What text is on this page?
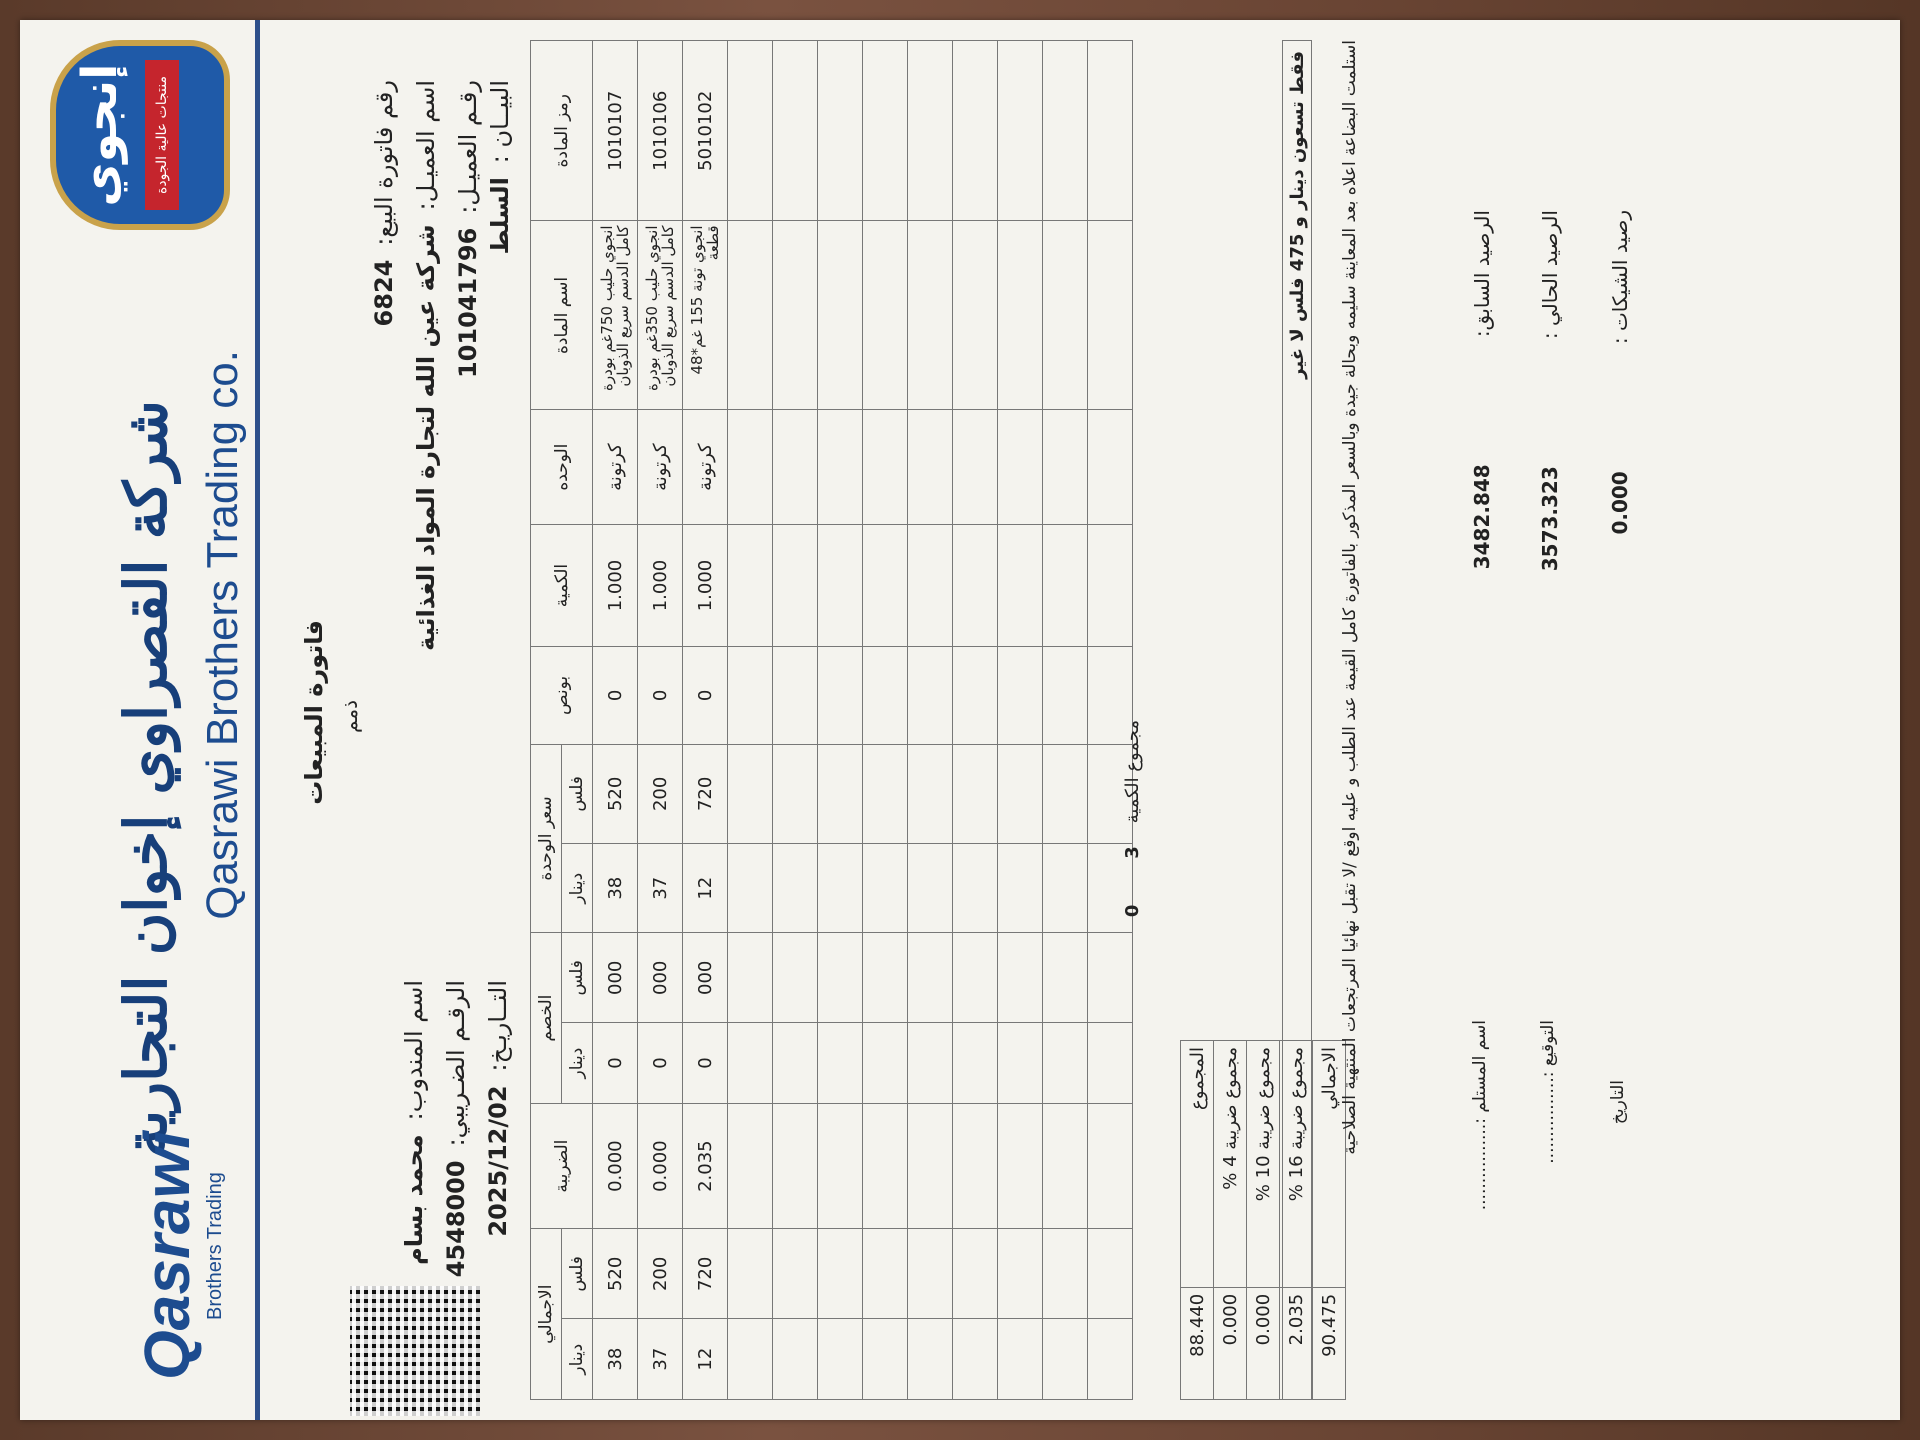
إنجوي	منتجات عالية الجودة
شركة القصراوي إخوان التجارية Qasrawi Brothers Trading co.
Qasrawi Brothers Trading
فاتورة المبيعات ذمم
رقم فاتورة البيع:6824
اسم العميـل:شركة عين الله لتجارة المواد الغذائية
رقـم العميـل:101041796
البيــان :السلط
اسم المندوب:محمد بسام
الرقـم الضـريبي:4548000
التــاريـخ:2025/12/02
رمز المادة	اسم المادة	الوحده	الكمية	بونص	سعر الوحدة		الخصم		الضريبة	الاجمالي	
					فلس	دينار	فلس	دينار		فلس	دينار
1010107	انجوي حليب 750غم بودرة كامل الدسم سريع الذوبان	كرتونة	1.000	0	520	38	000	0	0.000	520	38
1010106	انجوي حليب 350غم بودرة كامل الدسم سريع الذوبان	كرتونة	1.000	0	200	37	000	0	0.000	200	37
5010102	انجوي تونة 155 غم*48 قطعة	كرتونة	1.000	0	720	12	000	0	2.035	720	12

مجموع الكمية    3        0
المجموع	88.440
مجموع ضريبة 4 %	0.000
مجموع ضريبة 10 %	0.000
مجموع ضريبة 16 %	2.035
الاجمالي	90.475
فقط تسعون دينار و 475 فلس لا غير استلمت البضاعة اعلاه بعد المعاينة سليمه وبحالة جيدة وبالسعر المذكور بالفاتورة كامل القيمة عند الطلب و عليه اوقع /لا تقبل نهائيا المرتجعات المنتهية الصلاحية	الرصيد السابق:                    3482.848
الرصيد الحالي :                    3573.323
رصيد الشيكات :                    0.000
اسم المستلم :................
التوقيع :................	التاريخ
